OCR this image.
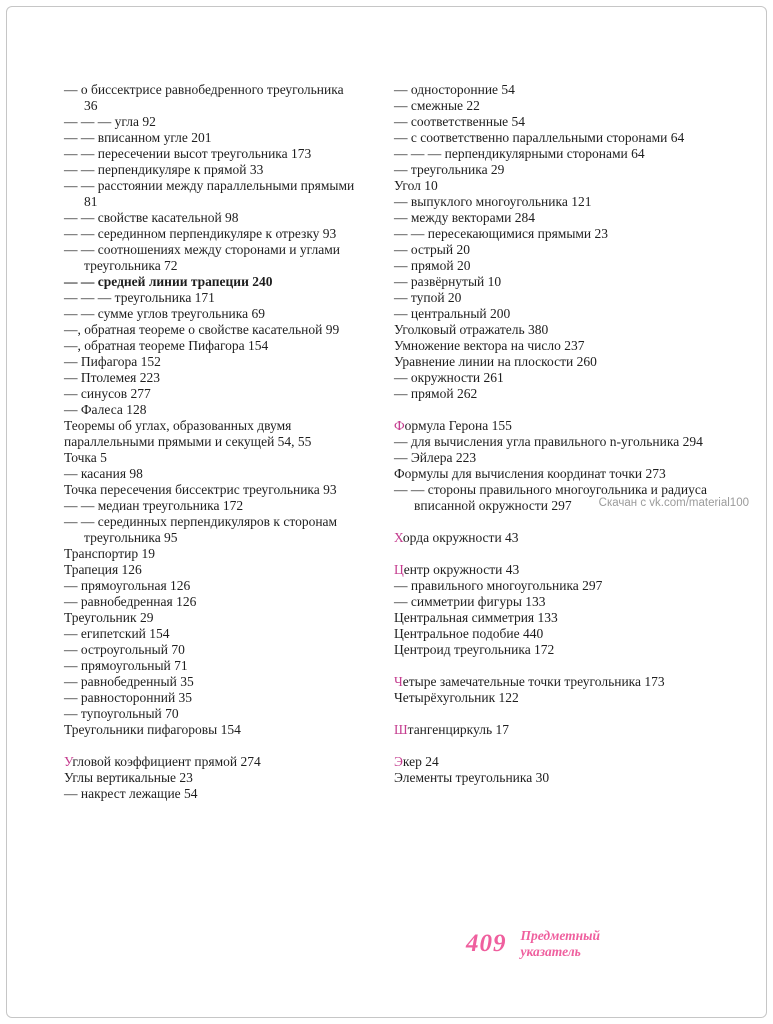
— о биссектрисе равнобедренного треугольника 36
— — — угла 92
— — вписанном угле 201
— — пересечении высот треугольника 173
— — перпендикуляре к прямой 33
— — расстоянии между параллельными прямыми 81
— — свойстве касательной 98
— — серединном перпендикуляре к отрезку 93
— — соотношениях между сторонами и углами треугольника 72
— — средней линии трапеции 240
— — — треугольника 171
— — сумме углов треугольника 69
—, обратная теореме о свойстве касательной 99
—, обратная теореме Пифагора 154
— Пифагора 152
— Птолемея 223
— синусов 277
— Фалеса 128
Теоремы об углах, образованных двумя параллельными прямыми и секущей 54, 55
Точка 5
— касания 98
Точка пересечения биссектрис треугольника 93
— — медиан треугольника 172
— — серединных перпендикуляров к сторонам треугольника 95
Транспортир 19
Трапеция 126
— прямоугольная 126
— равнобедренная 126
Треугольник 29
— египетский 154
— остроугольный 70
— прямоугольный 71
— равнобедренный 35
— равносторонний 35
— тупоугольный 70
Треугольники пифагоровы 154
Угловой коэффициент прямой 274
Углы вертикальные 23
— накрест лежащие 54
— односторонние 54
— смежные 22
— соответственные 54
— с соответственно параллельными сторонами 64
— — — перпендикулярными сторонами 64
— треугольника 29
Угол 10
— выпуклого многоугольника 121
— между векторами 284
— — пересекающимися прямыми 23
— острый 20
— прямой 20
— развёрнутый 10
— тупой 20
— центральный 200
Уголковый отражатель 380
Умножение вектора на число 237
Уравнение линии на плоскости 260
— окружности 261
— прямой 262
Формула Герона 155
— для вычисления угла правильного n-угольника 294
— Эйлера 223
Формулы для вычисления координат точки 273
— — стороны правильного многоугольника и радиуса вписанной окружности 297
Хорда окружности 43
Центр окружности 43
— правильного многоугольника 297
— симметрии фигуры 133
Центральная симметрия 133
Центральное подобие 440
Центроид треугольника 172
Четыре замечательные точки треугольника 173
Четырёхугольник 122
Штангенциркуль 17
Экер 24
Элементы треугольника 30
Скачан с vk.com/material100
409 Предметный
указатель
